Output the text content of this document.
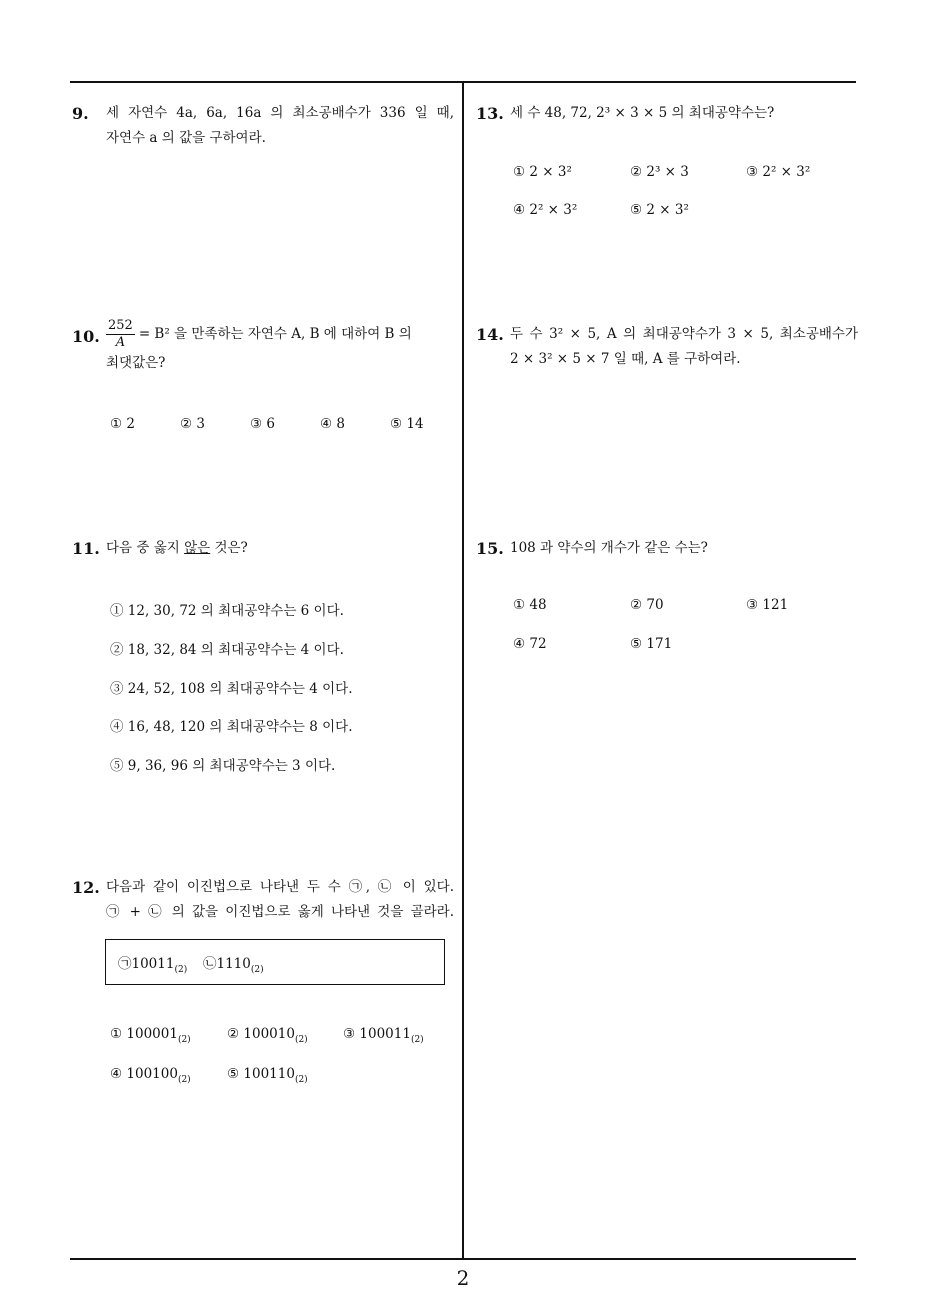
9.	세 자연수 4a, 6a, 16a 의 최소공배수가 336 일 때,
자연수 a 의 값을 구하여라.
10. $\frac{252}{A} = B^2$ 을 만족하는 자연수 A, B 에 대하여 B 의
최댓값은?
① 2	② 3	③ 6	④ 8	⑤ 14
11. 다음 중 옳지 않은 것은?
① 12, 30, 72 의 최대공약수는 6 이다.
② 18, 32, 84 의 최대공약수는 4 이다.
③ 24, 52, 108 의 최대공약수는 4 이다.
④ 16, 48, 120 의 최대공약수는 8 이다.
⑤ 9, 36, 96 의 최대공약수는 3 이다.
12. 다음과 같이 이진법으로 나타낸 두 수 ㉠, ㉡ 이 있다.
㉠ + ㉡ 의 값을 이진법으로 옳게 나타낸 것을 골라라.
$㉠10011_{(2)}$ $㉡1110_{(2)}$
① $100001_{(2)}$	② $100010_{(2)}$	③ $100011_{(2)}$
④ $100100_{(2)}$	⑤ $100110_{(2)}$
13. 세 수 48, 72, 2³ × 3 × 5 의 최대공약수는?
① 2 × 3²	② 2³ × 3	③ 2² × 3²
④ 2² × 3²	⑤ 2 × 3²
14. 두 수 3² × 5, A 의 최대공약수가 3 × 5, 최소공배수가
2 × 3² × 5 × 7 일 때, A 를 구하여라.
15. 108 과 약수의 개수가 같은 수는?
① 48	② 70	③ 121
④ 72	⑤ 171
2
